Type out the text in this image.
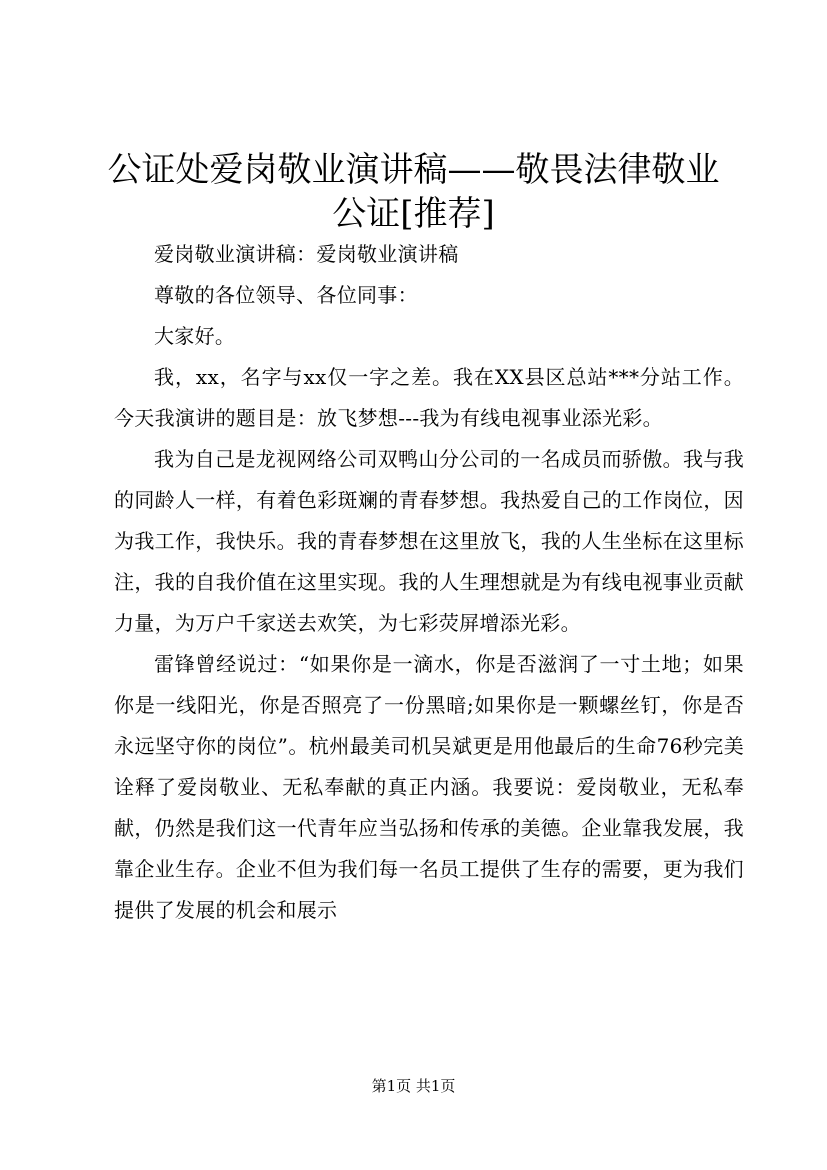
公证处爱岗敬业演讲稿——敬畏法律敬业公证[推荐]

爱岗敬业演讲稿：爱岗敬业演讲稿

尊敬的各位领导、各位同事：

大家好。

我，xx，名字与xx仅一字之差。我在XX县区总站***分站工作。今天我演讲的题目是：放飞梦想---我为有线电视事业添光彩。

我为自己是龙视网络公司双鸭山分公司的一名成员而骄傲。我与我的同龄人一样，有着色彩斑斓的青春梦想。我热爱自己的工作岗位，因为我工作，我快乐。我的青春梦想在这里放飞，我的人生坐标在这里标注，我的自我价值在这里实现。我的人生理想就是为有线电视事业贡献力量，为万户千家送去欢笑，为七彩荧屏增添光彩。

雷锋曾经说过：“如果你是一滴水，你是否滋润了一寸土地；如果你是一线阳光，你是否照亮了一份黑暗;如果你是一颗螺丝钉，你是否永远坚守你的岗位”。杭州最美司机吴斌更是用他最后的生命76秒完美诠释了爱岗敬业、无私奉献的真正内涵。我要说：爱岗敬业，无私奉献，仍然是我们这一代青年应当弘扬和传承的美德。企业靠我发展，我靠企业生存。企业不但为我们每一名员工提供了生存的需要，更为我们提供了发展的机会和展示

第1页 共1页
